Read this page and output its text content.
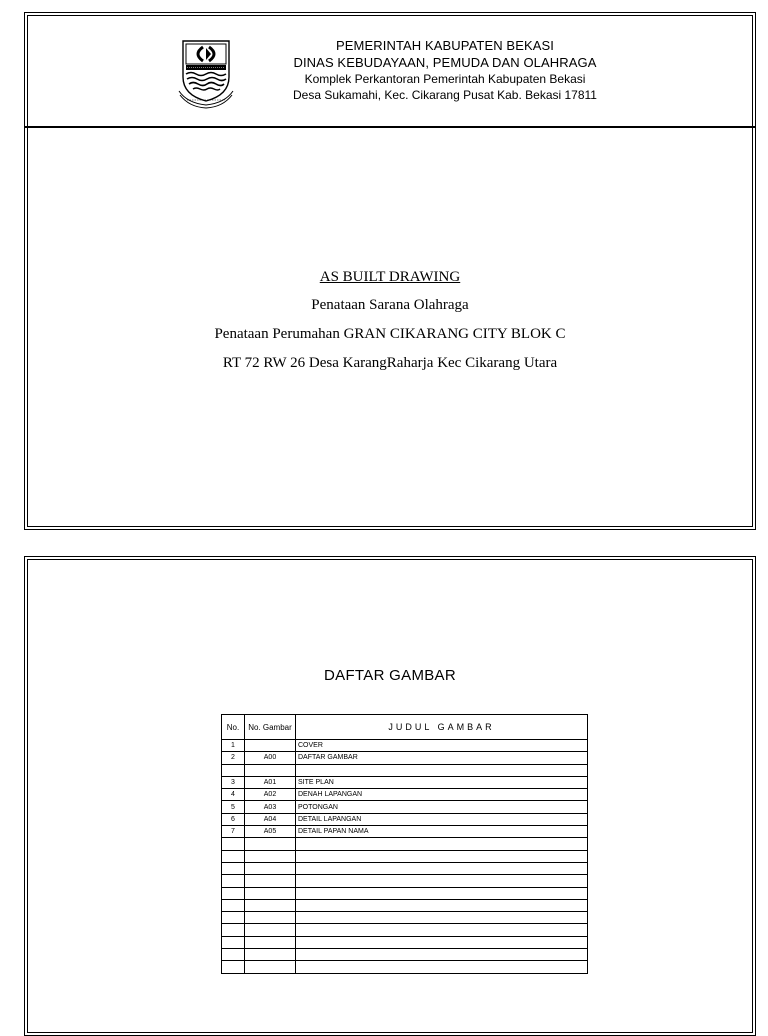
PEMERINTAH KABUPATEN BEKASI
DINAS KEBUDAYAAN, PEMUDA DAN OLAHRAGA
Komplek Perkantoran Pemerintah Kabupaten Bekasi
Desa Sukamahi, Kec. Cikarang Pusat Kab. Bekasi 17811
AS BUILT DRAWING
Penataan Sarana Olahraga
Penataan Perumahan GRAN CIKARANG CITY BLOK C
RT 72 RW 26 Desa KarangRaharja Kec Cikarang Utara
DAFTAR GAMBAR
No.	No. Gambar	JUDUL GAMBAR
1		COVER
2	A00	DAFTAR GAMBAR

3	A01	SITE PLAN
4	A02	DENAH LAPANGAN
5	A03	POTONGAN
6	A04	DETAIL LAPANGAN
7	A05	DETAIL PAPAN NAMA
